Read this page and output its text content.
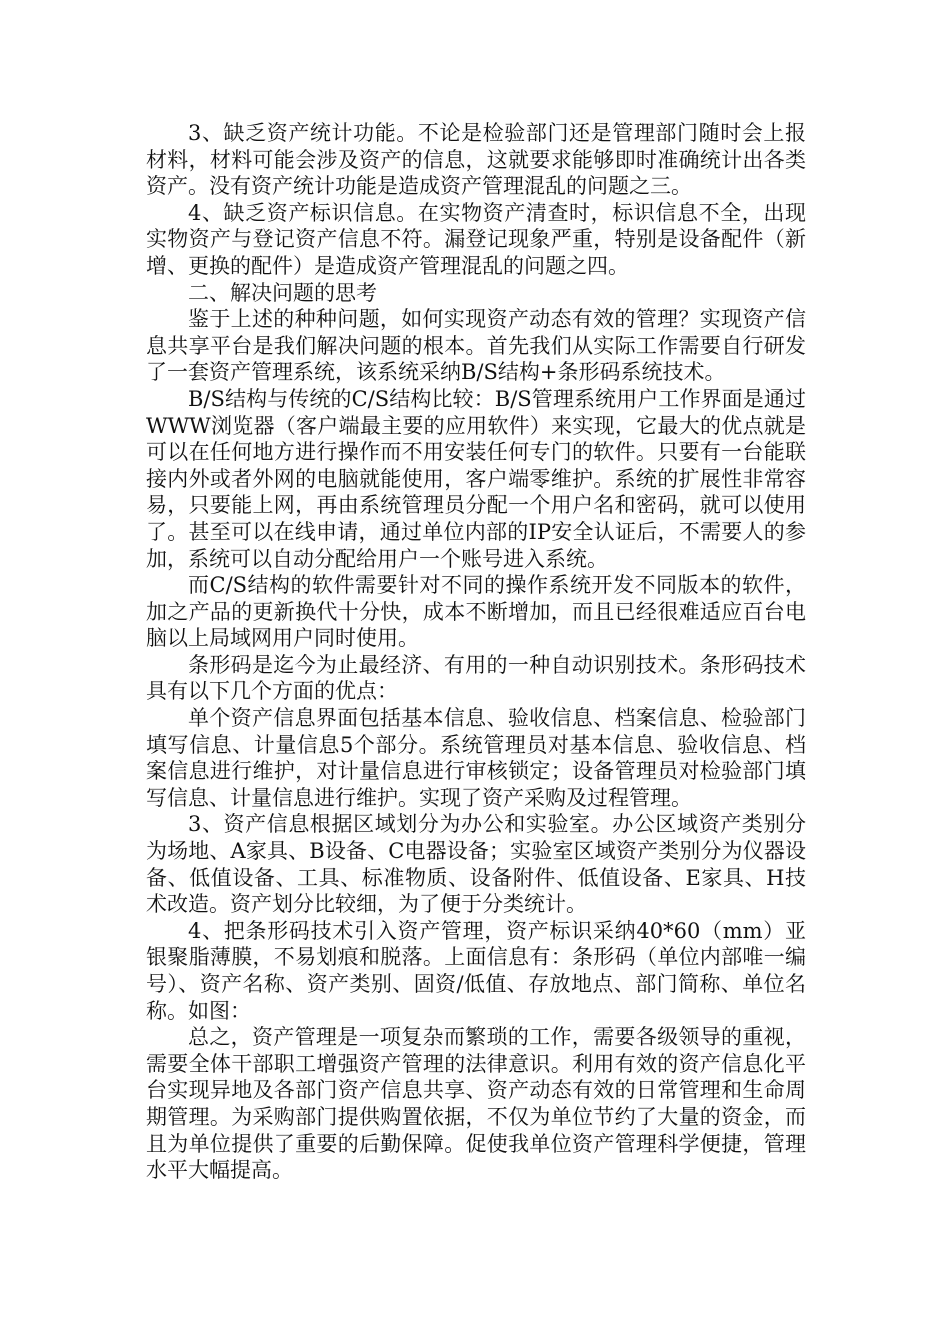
3、缺乏资产统计功能。不论是检验部门还是管理部门随时会上报材料，材料可能会涉及资产的信息，这就要求能够即时准确统计出各类资产。没有资产统计功能是造成资产管理混乱的问题之三。

4、缺乏资产标识信息。在实物资产清查时，标识信息不全，出现实物资产与登记资产信息不符。漏登记现象严重，特别是设备配件（新增、更换的配件）是造成资产管理混乱的问题之四。

二、解决问题的思考

鉴于上述的种种问题，如何实现资产动态有效的管理？实现资产信息共享平台是我们解决问题的根本。首先我们从实际工作需要自行研发了一套资产管理系统，该系统采纳B/S结构+条形码系统技术。

B/S结构与传统的C/S结构比较：B/S管理系统用户工作界面是通过WWW浏览器（客户端最主要的应用软件）来实现，它最大的优点就是可以在任何地方进行操作而不用安装任何专门的软件。只要有一台能联接内外或者外网的电脑就能使用，客户端零维护。系统的扩展性非常容易，只要能上网，再由系统管理员分配一个用户名和密码，就可以使用了。甚至可以在线申请，通过单位内部的IP安全认证后，不需要人的参加，系统可以自动分配给用户一个账号进入系统。

而C/S结构的软件需要针对不同的操作系统开发不同版本的软件， 加之产品的更新换代十分快，成本不断增加，而且已经很难适应百台电脑以上局域网用户同时使用。

条形码是迄今为止最经济、有用的一种自动识别技术。条形码技术具有以下几个方面的优点：

单个资产信息界面包括基本信息、验收信息、档案信息、检验部门填写信息、计量信息5个部分。系统管理员对基本信息、验收信息、档案信息进行维护，对计量信息进行审核锁定；设备管理员对检验部门填写信息、计量信息进行维护。实现了资产采购及过程管理。

3、资产信息根据区域划分为办公和实验室。办公区域资产类别分为场地、A家具、B设备、C电器设备；实验室区域资产类别分为仪器设备、低值设备、工具、标准物质、设备附件、低值设备、E家具、H技术改造。资产划分比较细，为了便于分类统计。

4、把条形码技术引入资产管理，资产标识采纳40*60（mm）亚银聚脂薄膜，不易划痕和脱落。上面信息有：条形码（单位内部唯一编号）、资产名称、资产类别、固资/低值、存放地点、部门简称、单位名称。如图：

总之，资产管理是一项复杂而繁琐的工作，需要各级领导的重视，需要全体干部职工增强资产管理的法律意识。利用有效的资产信息化平台实现异地及各部门资产信息共享、资产动态有效的日常管理和生命周期管理。为采购部门提供购置依据，不仅为单位节约了大量的资金，而且为单位提供了重要的后勤保障。促使我单位资产管理科学便捷，管理水平大幅提高。
